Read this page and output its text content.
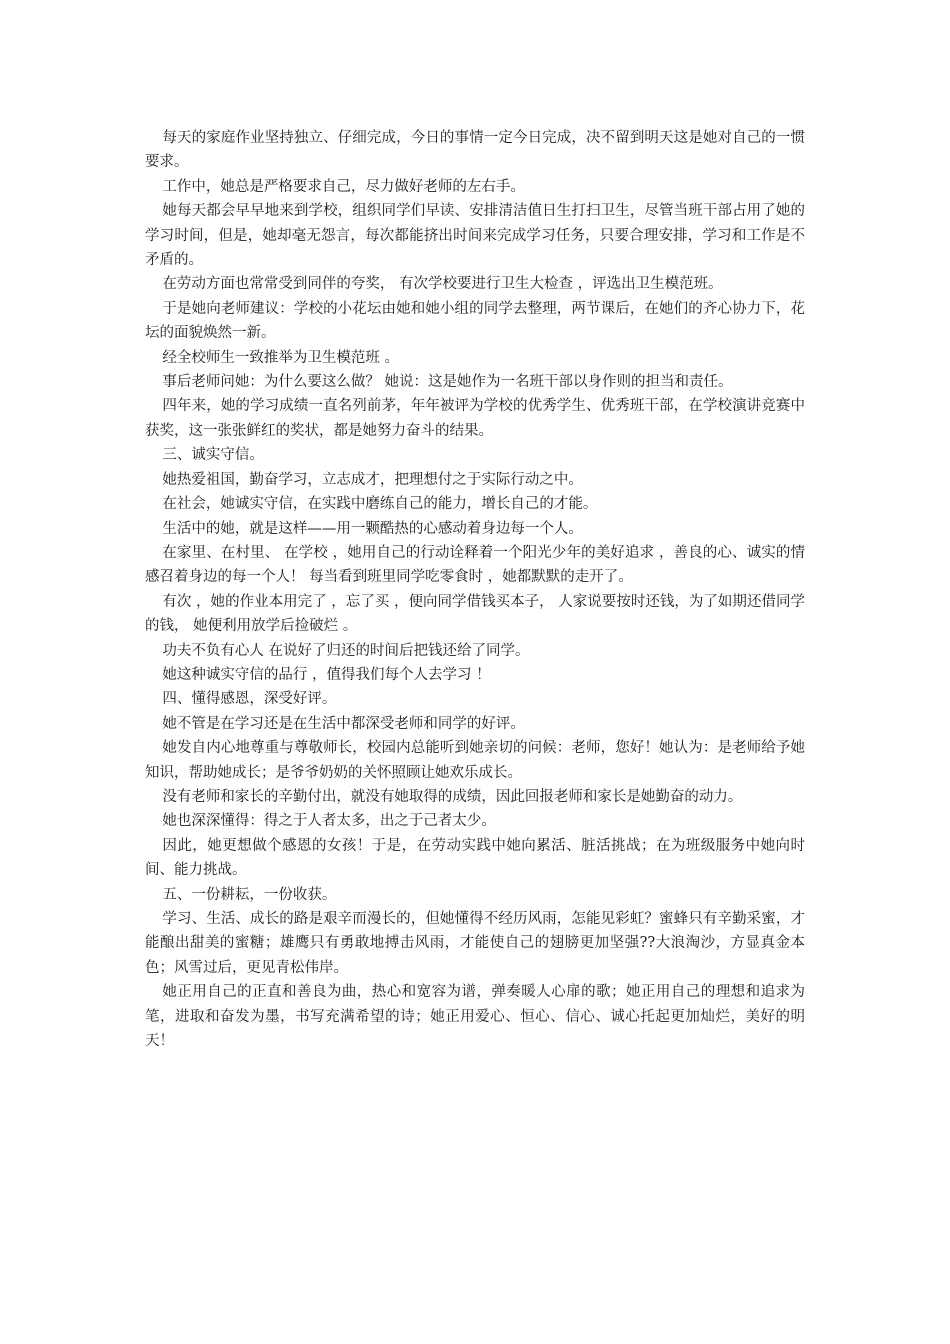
每天的家庭作业坚持独立、仔细完成，今日的事情一定今日完成，决不留到明天这是她对自己的一惯要求。

工作中，她总是严格要求自己，尽力做好老师的左右手。

她每天都会早早地来到学校，组织同学们早读、安排清洁值日生打扫卫生，尽管当班干部占用了她的学习时间，但是，她却毫无怨言，每次都能挤出时间来完成学习任务，只要合理安排，学习和工作是不矛盾的。

在劳动方面也常常受到同伴的夸奖， 有次学校要进行卫生大检查 ，评选出卫生模范班。

于是她向老师建议：学校的小花坛由她和她小组的同学去整理，两节课后，在她们的齐心协力下，花坛的面貌焕然一新。

经全校师生一致推举为卫生模范班 。

事后老师问她：为什么要这么做？ 她说：这是她作为一名班干部以身作则的担当和责任。

四年来，她的学习成绩一直名列前茅，年年被评为学校的优秀学生、优秀班干部，在学校演讲竞赛中获奖，这一张张鲜红的奖状，都是她努力奋斗的结果。

三、诚实守信。

她热爱祖国，勤奋学习，立志成才，把理想付之于实际行动之中。

在社会，她诚实守信，在实践中磨练自己的能力，增长自己的才能。

生活中的她，就是这样——用一颗酷热的心感动着身边每一个人。

在家里、在村里、 在学校 ，她用自己的行动诠释着一个阳光少年的美好追求 ，善良的心、诚实的情感召着身边的每一个人！ 每当看到班里同学吃零食时 ，她都默默的走开了。

有次 ，她的作业本用完了 ，忘了买 ，便向同学借钱买本子， 人家说要按时还钱，为了如期还借同学的钱， 她便利用放学后捡破烂 。

功夫不负有心人 在说好了归还的时间后把钱还给了同学。

她这种诚实守信的品行 ，值得我们每个人去学习 ！

四、懂得感恩，深受好评。

她不管是在学习还是在生活中都深受老师和同学的好评。

她发自内心地尊重与尊敬师长，校园内总能听到她亲切的问候：老师，您好！她认为：是老师给予她知识，帮助她成长；是爷爷奶奶的关怀照顾让她欢乐成长。

没有老师和家长的辛勤付出，就没有她取得的成绩，因此回报老师和家长是她勤奋的动力。

她也深深懂得：得之于人者太多，出之于己者太少。

因此，她更想做个感恩的女孩！于是，在劳动实践中她向累活、脏活挑战；在为班级服务中她向时间、能力挑战。

五、一份耕耘，一份收获。

学习、生活、成长的路是艰辛而漫长的，但她懂得不经历风雨，怎能见彩虹？蜜蜂只有辛勤采蜜，才能酿出甜美的蜜糖；雄鹰只有勇敢地搏击风雨，才能使自己的翅膀更加坚强??大浪淘沙，方显真金本色；风雪过后，更见青松伟岸。

她正用自己的正直和善良为曲，热心和宽容为谱，弹奏暖人心扉的歌；她正用自己的理想和追求为笔，进取和奋发为墨，书写充满希望的诗；她正用爱心、恒心、信心、诚心托起更加灿烂，美好的明天！
